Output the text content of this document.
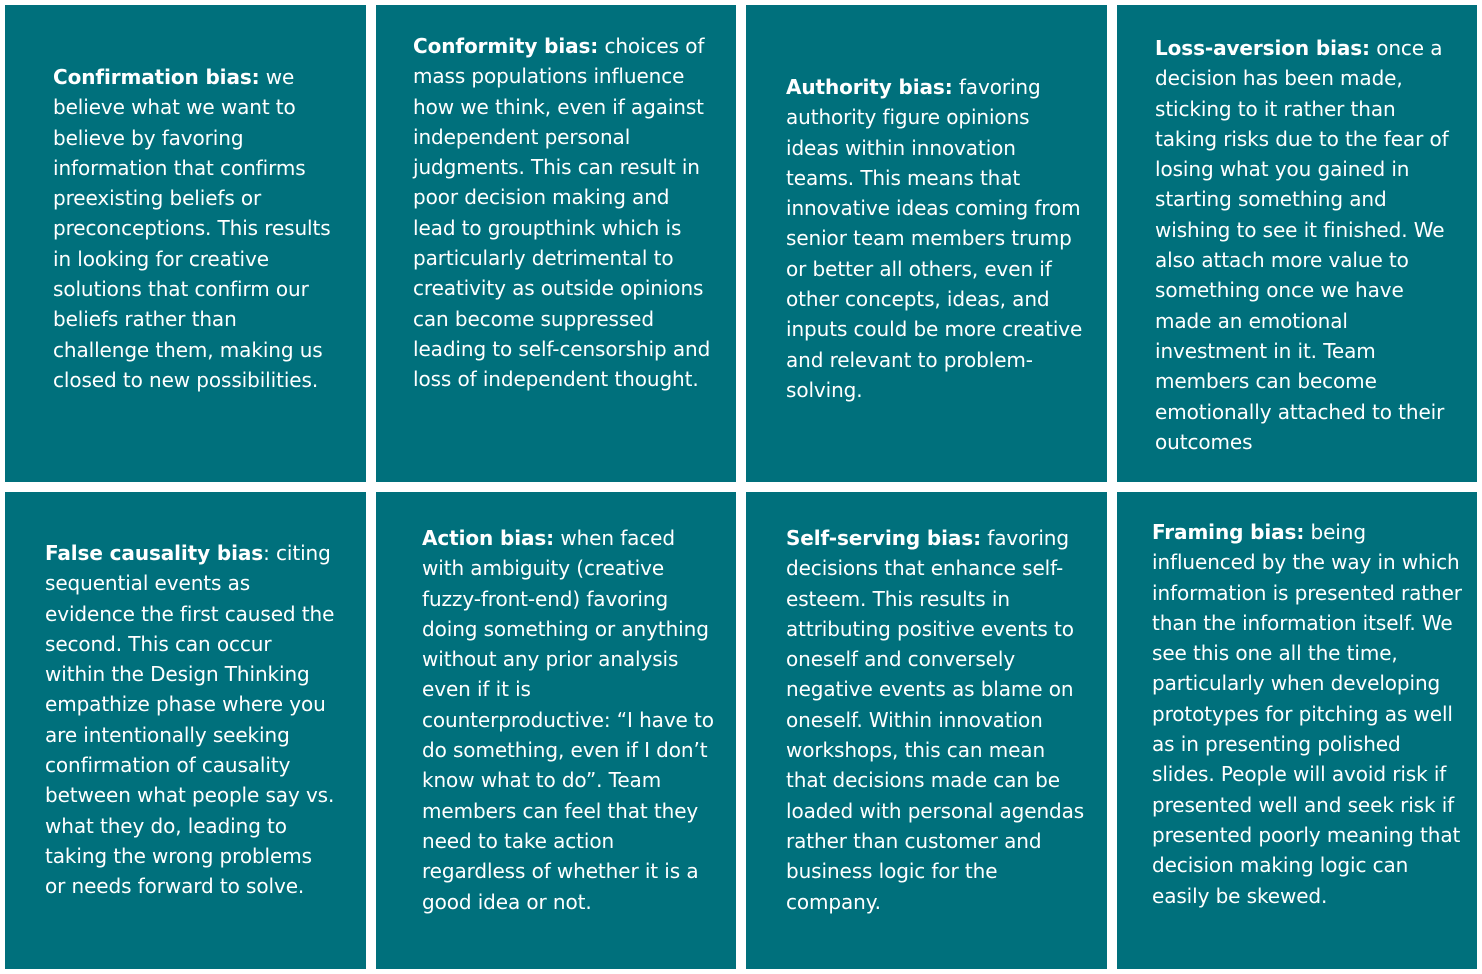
Confirmation bias: we believe what we want to believe by favoring information that confirms preexisting beliefs or preconceptions. This results in looking for creative solutions that confirm our beliefs rather than challenge them, making us closed to new possibilities.
Conformity bias: choices of mass populations influence how we think, even if against independent personal judgments. This can result in poor decision making and lead to groupthink which is particularly detrimental to creativity as outside opinions can become suppressed leading to self-censorship and loss of independent thought.
Authority bias: favoring authority figure opinions ideas within innovation teams. This means that innovative ideas coming from senior team members trump or better all others, even if other concepts, ideas, and inputs could be more creative and relevant to problem-solving.
Loss-aversion bias: once a decision has been made, sticking to it rather than taking risks due to the fear of losing what you gained in starting something and wishing to see it finished. We also attach more value to something once we have made an emotional investment in it. Team members can become emotionally attached to their outcomes
False causality bias: citing sequential events as evidence the first caused the second. This can occur within the Design Thinking empathize phase where you are intentionally seeking confirmation of causality between what people say vs. what they do, leading to taking the wrong problems or needs forward to solve.
Action bias: when faced with ambiguity (creative fuzzy-front-end) favoring doing something or anything without any prior analysis even if it is counterproductive: “I have to do something, even if I don’t know what to do”. Team members can feel that they need to take action regardless of whether it is a good idea or not.
Self-serving bias: favoring decisions that enhance self-esteem. This results in attributing positive events to oneself and conversely negative events as blame on oneself. Within innovation workshops, this can mean that decisions made can be loaded with personal agendas rather than customer and business logic for the company.
Framing bias: being influenced by the way in which information is presented rather than the information itself. We see this one all the time, particularly when developing prototypes for pitching as well as in presenting polished slides. People will avoid risk if presented well and seek risk if presented poorly meaning that decision making logic can easily be skewed.
